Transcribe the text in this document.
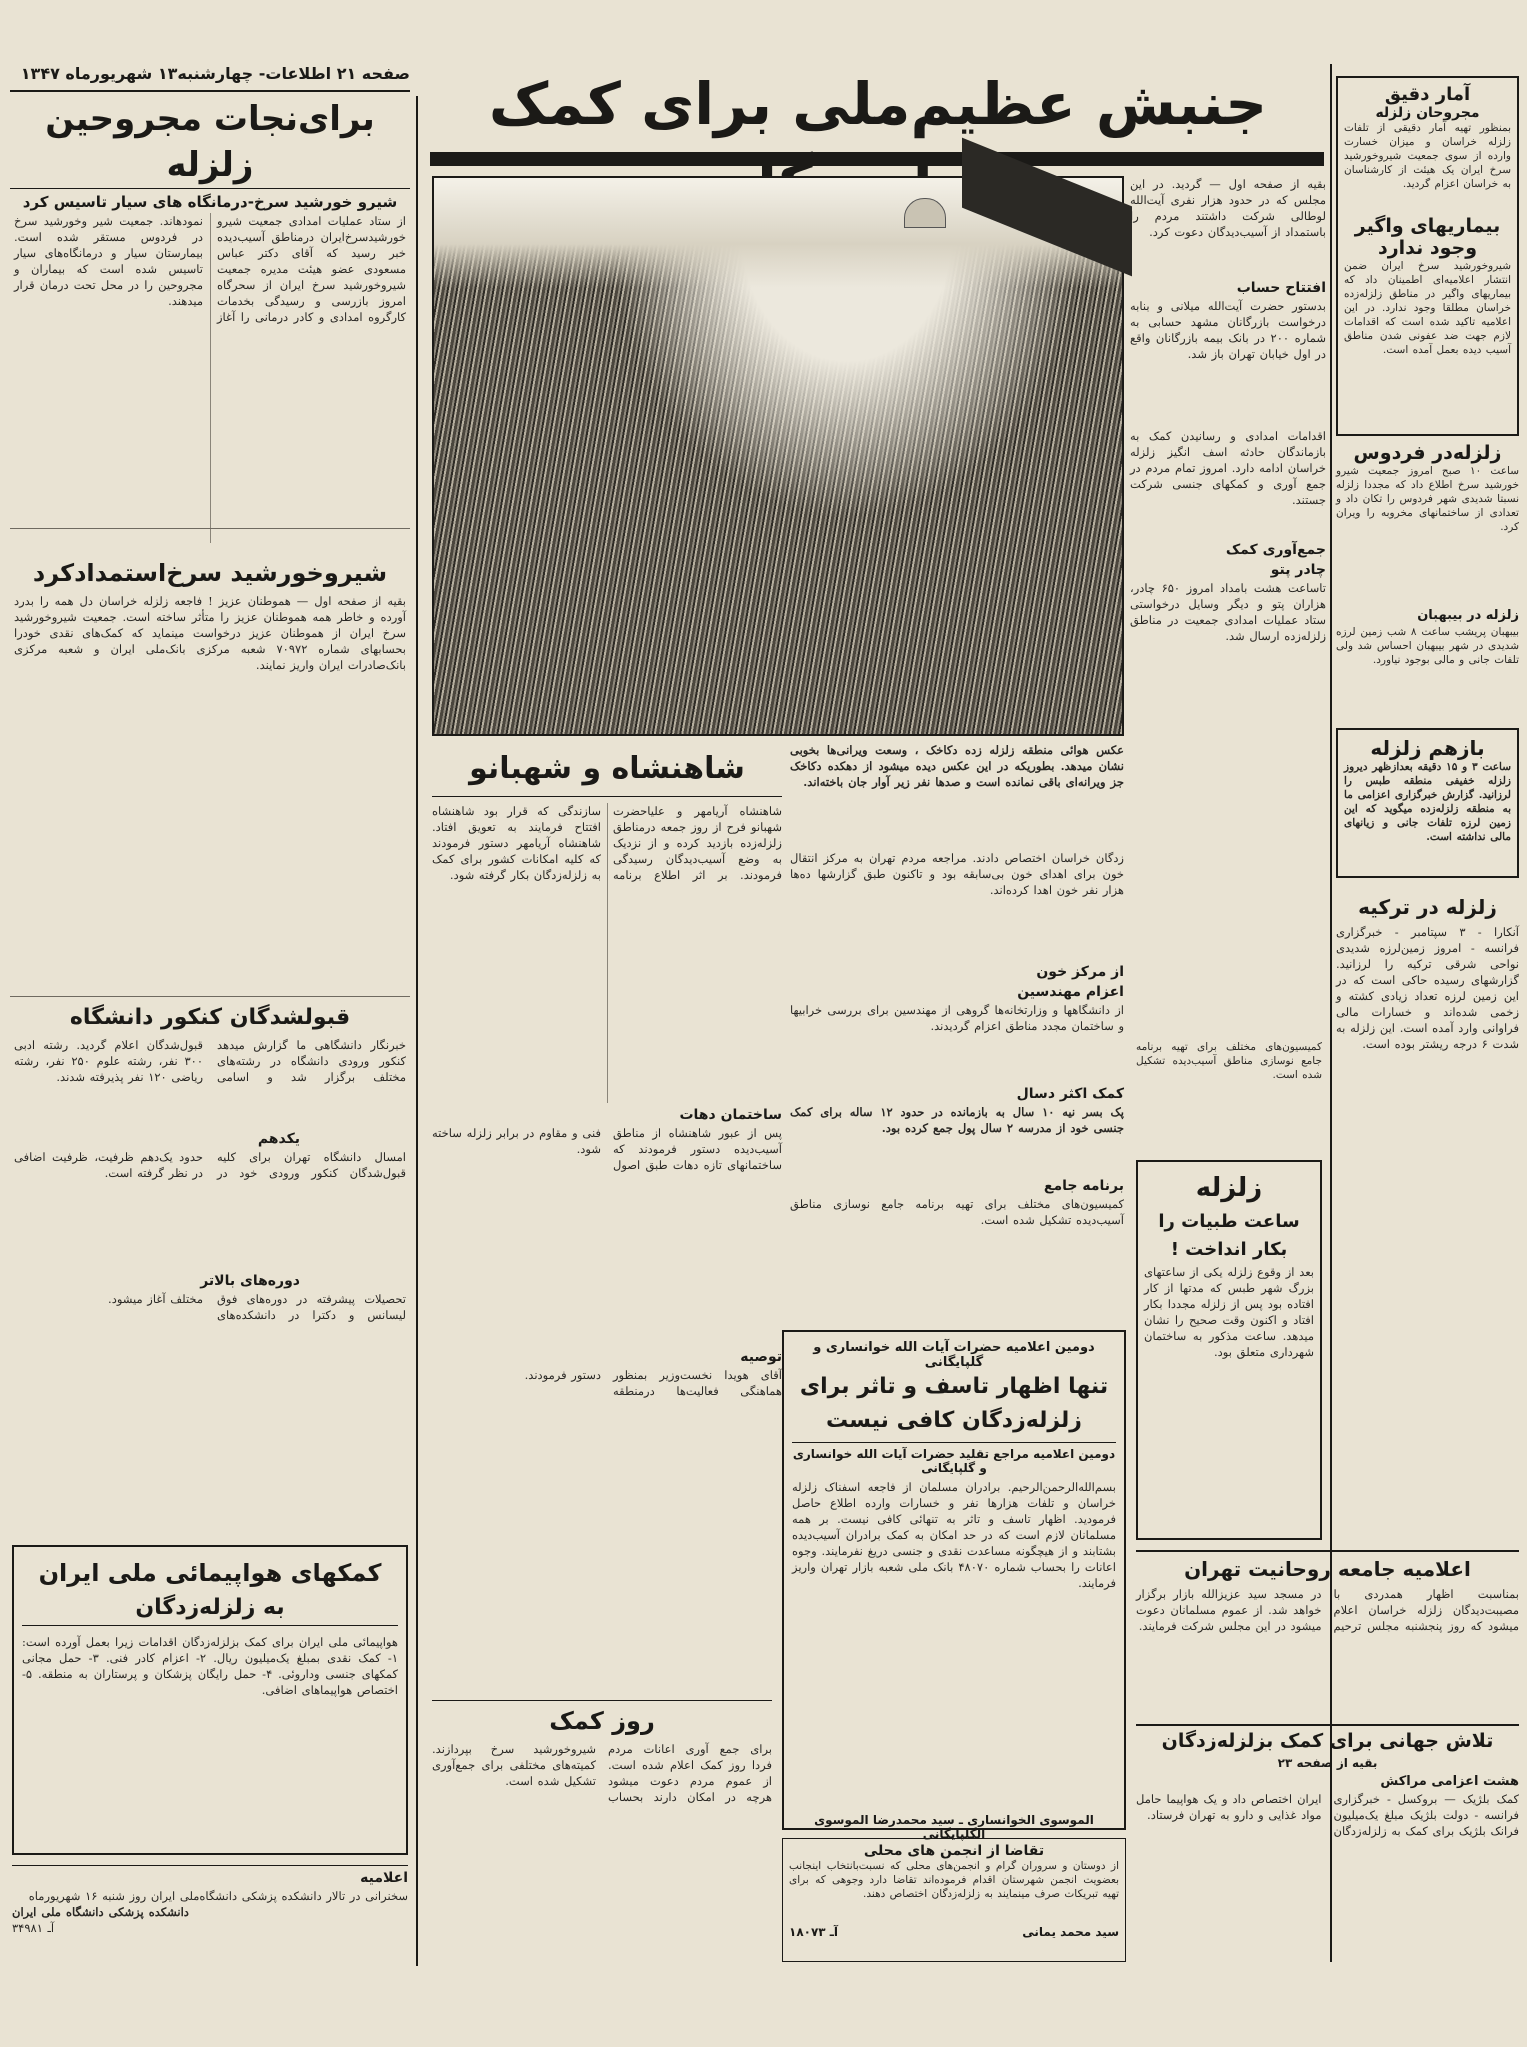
صفحه ۲۱ اطلاعات- چهارشنبه۱۳ شهریورماه ۱۳۴۷	جنبش عظیم‌ملی برای کمک
برای‌نجات مجروحین زلزله
شیرو خورشید سرخ-درمانگاه های سیار تاسیس کرد
از ستاد عملیات امدادی جمعیت شیرو خورشیدسرخ‌ایران درمناطق آسیب‌دیده خبر رسید که آقای دکتر عباس مسعودی عضو هیئت مدیره جمعیت شیروخورشید سرخ ایران از سحرگاه امروز بازرسی و رسیدگی بخدمات کارگروه امدادی و کادر درمانی را آغاز نمودهاند. جمعیت شیر وخورشید سرخ در فردوس مستقر شده است. بیمارستان سیار و درمانگاه‌های سیار تاسیس شده است که بیماران و مجروحین را در محل تحت درمان قرار میدهند.
شیروخورشید سرخ‌استمدادکرد
بقیه از صفحه اول — هموطنان عزیز ! فاجعه زلزله خراسان دل همه را بدرد آورده و خاطر همه هموطنان عزیز را متأثر ساخته است. جمعیت شیروخورشید سرخ ایران از هموطنان عزیز درخواست مینماید که کمک‌های نقدی خودرا بحسابهای شماره ۷۰۹۷۲ شعبه مرکزی بانک‌ملی ایران و شعبه مرکزی بانک‌صادرات ایران واریز نمایند.
قبولشدگان کنکور دانشگاه
خبرنگار دانشگاهی ما گزارش میدهد کنکور ورودی دانشگاه در رشته‌های مختلف برگزار شد و اسامی قبول‌شدگان اعلام گردید. رشته ادبی ۳۰۰ نفر، رشته علوم ۲۵۰ نفر، رشته ریاضی ۱۲۰ نفر پذیرفته شدند.
یکدهم
امسال دانشگاه تهران برای کلیه قبول‌شدگان کنکور ورودی خود در حدود یک‌دهم ظرفیت، ظرفیت اضافی در نظر گرفته است.
دوره‌های بالاتر
تحصیلات پیشرفته در دوره‌های فوق لیسانس و دکترا در دانشکده‌های مختلف آغاز میشود.
کمکهای هواپیمائی ملی ایران
به زلزله‌زدگان
هواپیمائی ملی ایران برای کمک بزلزله‌زدگان اقدامات زیرا بعمل آورده است: ۱- کمک نقدی بمبلغ یک‌میلیون ریال. ۲- اعزام کادر فنی. ۳- حمل مجانی کمکهای جنسی وداروئی. ۴- حمل رایگان پزشکان و پرستاران به منطقه. ۵- اختصاص هواپیماهای اضافی.
اعلامیه
سخنرانی در تالار دانشکده پزشکی دانشگاه‌ملی ایران روز شنبه ۱۶ شهریورماه
دانشکده پزشکی دانشگاه ملی ایران
آـ ۳۴۹۸۱
بقیه از صفحه اول — گردید. در این مجلس که در حدود هزار نفری آیت‌الله لوطالی شرکت داشتند مردم را باستمداد از آسیب‌دیدگان دعوت کرد.
افتتاح حساب
بدستور حضرت آیت‌الله میلانی و بنابه درخواست بازرگانان مشهد حسابی به شماره ۲۰۰ در بانک بیمه بازرگانان واقع در اول خیابان تهران باز شد.
اقدامات امدادی و رسانیدن کمک به بازماندگان حادثه اسف انگیز زلزله خراسان ادامه دارد. امروز تمام مردم در جمع آوری و کمکهای جنسی شرکت جستند.
جمع‌آوری کمک
چادر پتو
تاساعت هشت بامداد امروز ۶۵۰ چادر، هزاران پتو و دیگر وسایل درخواستی ستاد عملیات امدادی جمعیت در مناطق زلزله‌زده ارسال شد.
عکس هوائی منطقه زلزله زده دکاخک ، وسعت ویرانی‌ها بخوبی نشان میدهد. بطوریکه در این عکس دیده میشود از دهکده دکاخک جز ویرانه‌ای باقی نمانده است و صدها نفر زیر آوار جان باخته‌اند.
شاهنشاه و شهبانو
شاهنشاه آریامهر و علیاحضرت شهبانو فرح از روز جمعه درمناطق زلزله‌زده بازدید کرده و از نزدیک به وضع آسیب‌دیدگان رسیدگی فرمودند. بر اثر اطلاع برنامه سازندگی که قرار بود شاهنشاه افتتاح فرمایند به تعویق افتاد. شاهنشاه آریامهر دستور فرمودند که کلیه امکانات کشور برای کمک به زلزله‌زدگان بکار گرفته شود.
ساختمان دهات
پس از عبور شاهنشاه از مناطق آسیب‌دیده دستور فرمودند که ساختمانهای تازه دهات طبق اصول فنی و مقاوم در برابر زلزله ساخته شود.
توصیه
آقای هویدا نخست‌وزیر بمنظور هماهنگی فعالیت‌ها درمنطقه دستور فرمودند.
زدگان خراسان اختصاص دادند. مراجعه مردم تهران به مرکز انتقال خون برای اهدای خون بی‌سابقه بود و تاکنون طبق گزارشها ده‌ها هزار نفر خون اهدا کرده‌اند.
از مرکز خون
اعزام مهندسین
از دانشگاهها و وزارتخانه‌ها گروهی از مهندسین برای بررسی خرابیها و ساختمان مجدد مناطق اعزام گردیدند.
کمک اکثر دسال
پک بسر نیه ۱۰ سال به بازمانده در حدود ۱۲ ساله برای کمک جنسی خود از مدرسه ۲ سال پول جمع کرده بود.
برنامه جامع
کمیسیون‌های مختلف برای تهیه برنامه جامع نوسازی مناطق آسیب‌دیده تشکیل شده است.
دومین اعلامیه حضرات آیات الله خوانساری و گلپایگانی
تنها اظهار تاسف و تاثر برای زلزله‌زدگان کافی نیست
دومین اعلامیه مراجع تقلید حضرات آیات الله خوانساری و گلپایگانی
بسم‌الله‌الرحمن‌الرحیم. برادران مسلمان از فاجعه اسفناک زلزله خراسان و تلفات هزارها نفر و خسارات وارده اطلاع حاصل فرمودید. اظهار تاسف و تاثر به تنهائی کافی نیست. بر همه مسلمانان لازم است که در حد امکان به کمک برادران آسیب‌دیده بشتابند و از هیچگونه مساعدت نقدی و جنسی دریغ نفرمایند. وجوه اعانات را بحساب شماره ۴۸۰۷۰ بانک ملی شعبه بازار تهران واریز فرمایند.
الموسوی الخوانساری ـ سید محمدرضا الموسوی الگلپایگانی
روز کمک
برای جمع آوری اعانات مردم فردا روز کمک اعلام شده است. از عموم مردم دعوت میشود هرچه در امکان دارند بحساب شیروخورشید سرخ بپردازند. کمیته‌های مختلفی برای جمع‌آوری تشکیل شده است.
تقاضا از انجمن های محلی
از دوستان و سروران گرام و انجمن‌های محلی که نسبت‌بانتخاب اینجانب بعضویت انجمن شهرستان اقدام فرموده‌اند تقاضا دارد وجوهی که برای تهیه تبریکات صرف مینمایند به زلزله‌زدگان اختصاص دهند.
سید محمد یمانی
آـ ۱۸۰۷۳
آمار دقیق
مجروحان زلزله
بمنظور تهیه آمار دقیقی از تلفات زلزله خراسان و میزان خسارت وارده از سوی جمعیت شیروخورشید سرخ ایران یک هیئت از کارشناسان به خراسان اعزام گردید.
بیماریهای واگیر
وجود ندارد
شیروخورشید سرخ ایران ضمن انتشار اعلامیه‌ای اطمینان داد که بیماریهای واگیر در مناطق زلزله‌زده خراسان مطلقا وجود ندارد. در این اعلامیه تاکید شده است که اقدامات لازم جهت ضد عفونی شدن مناطق آسیب دیده بعمل آمده است.
زلزله‌در فردوس
ساعت ۱۰ صبح امروز جمعیت شیرو خورشید سرخ اطلاع داد که مجددا زلزله نسبتا شدیدی شهر فردوس را تکان داد و تعدادی از ساختمانهای مخروبه را ویران کرد.
زلزله در بیبهبان
بیبهبان پریشب ساعت ۸ شب زمین لرزه شدیدی در شهر بیبهبان احساس شد ولی تلفات جانی و مالی بوجود نیاورد.
بازهم زلزله
ساعت ۳ و ۱۵ دقیقه بعدازظهر دیروز زلزله خفیفی منطقه طبس را لرزانید. گزارش خبرگزاری اعزامی ما به منطقه زلزله‌زده میگوید که این زمین لرزه تلفات جانی و زیانهای مالی نداشته است.
زلزله در ترکیه
آنکارا - ۳ سپتامبر - خبرگزاری فرانسه - امروز زمین‌لرزه شدیدی نواحی شرقی ترکیه را لرزانید. گزارشهای رسیده حاکی است که در این زمین لرزه تعداد زیادی کشته و زخمی شده‌اند و خسارات مالی فراوانی وارد آمده است. این زلزله به شدت ۶ درجه ریشتر بوده است.
زلزله
ساعت طبیات را بکار انداخت !
بعد از وقوع زلزله یکی از ساعتهای بزرگ شهر طبس که مدتها از کار افتاده بود پس از زلزله مجددا بکار افتاد و اکنون وقت صحیح را نشان میدهد. ساعت مذکور به ساختمان شهرداری متعلق بود.
اعلامیه جامعه روحانیت تهران
بمناسبت اظهار همدردی با مصیبت‌دیدگان زلزله خراسان اعلام میشود که روز پنجشنبه مجلس ترحیم در مسجد سید عزیزالله بازار برگزار خواهد شد. از عموم مسلمانان دعوت میشود در این مجلس شرکت فرمایند.
تلاش جهانی برای کمک بزلزله‌زدگان
بقیه از صفحه ۲۳
هشت اعزامی مراکش
کمک بلژیک — بروکسل - خبرگزاری فرانسه - دولت بلژیک مبلغ یک‌میلیون فرانک بلژیک برای کمک به زلزله‌زدگان ایران اختصاص داد و یک هواپیما حامل مواد غذایی و دارو به تهران فرستاد.
کمیسیون‌های مختلف برای تهیه برنامه جامع نوسازی مناطق آسیب‌دیده تشکیل شده است.
